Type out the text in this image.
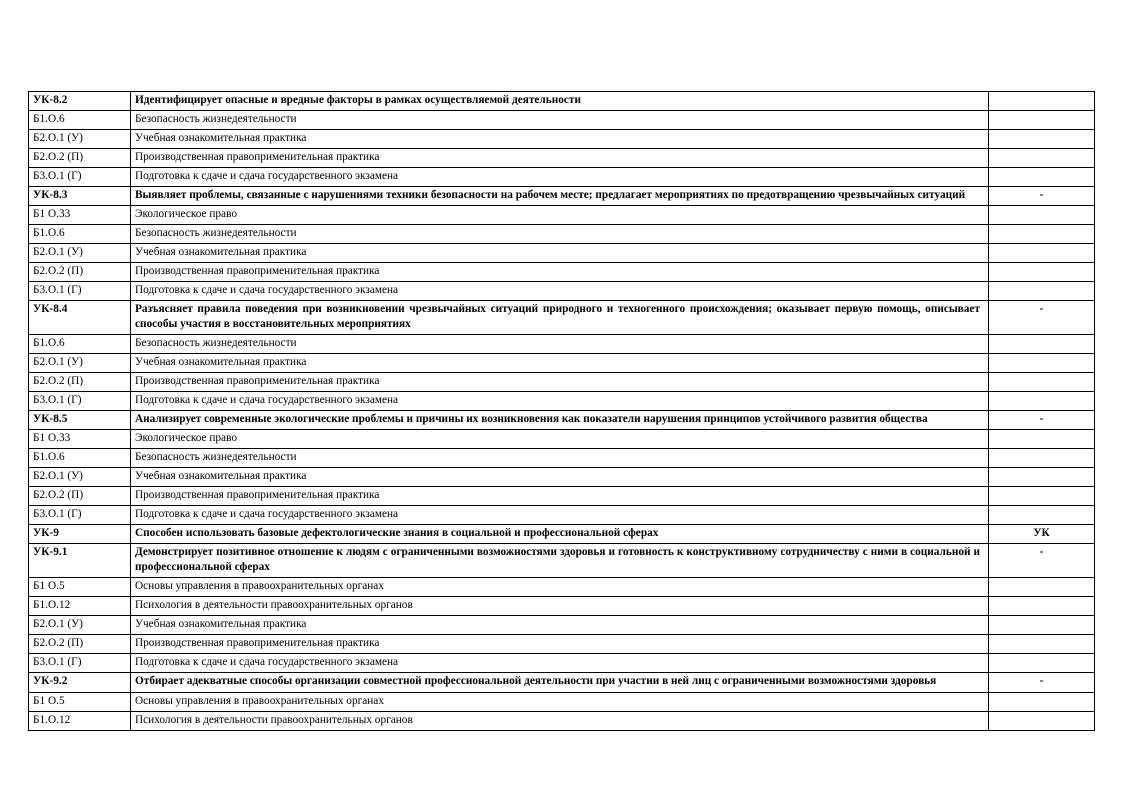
УК-8.2	Идентифицирует опасные и вредные факторы в рамках осуществляемой деятельности	
Б1.О.6	Безопасность жизнедеятельности	
Б2.О.1 (У)	Учебная ознакомительная практика	
Б2.О.2 (П)	Производственная правоприменительная практика	
Б3.О.1 (Г)	Подготовка к сдаче и сдача государственного экзамена	
УК-8.3	Выявляет проблемы, связанные с нарушениями техники безопасности на рабочем месте; предлагает мероприятиях по предотвращению чрезвычайных ситуаций	-
Б1 О.33	Экологическое право	
Б1.О.6	Безопасность жизнедеятельности	
Б2.О.1 (У)	Учебная ознакомительная практика	
Б2.О.2 (П)	Производственная правоприменительная практика	
Б3.О.1 (Г)	Подготовка к сдаче и сдача государственного экзамена	
УК-8.4	Разъясняет правила поведения при возникновении чрезвычайных ситуаций природного и техногенного происхождения; оказывает первую помощь, описывает способы участия в восстановительных мероприятиях	-
Б1.О.6	Безопасность жизнедеятельности	
Б2.О.1 (У)	Учебная ознакомительная практика	
Б2.О.2 (П)	Производственная правоприменительная практика	
Б3.О.1 (Г)	Подготовка к сдаче и сдача государственного экзамена	
УК-8.5	Анализирует современные экологические проблемы и причины их возникновения как показатели нарушения принципов устойчивого развития общества	-
Б1 О.33	Экологическое право	
Б1.О.6	Безопасность жизнедеятельности	
Б2.О.1 (У)	Учебная ознакомительная практика	
Б2.О.2 (П)	Производственная правоприменительная практика	
Б3.О.1 (Г)	Подготовка к сдаче и сдача государственного экзамена	
УК-9	Способен использовать базовые дефектологические знания в социальной и профессиональной сферах	УК
УК-9.1	Демонстрирует позитивное отношение к людям с ограниченными возможностями здоровья и готовность к конструктивному сотрудничеству с ними в социальной и профессиональной сферах	-
Б1 О.5	Основы управления в правоохранительных органах	
Б1.О.12	Психология в деятельности правоохранительных органов	
Б2.О.1 (У)	Учебная ознакомительная практика	
Б2.О.2 (П)	Производственная правоприменительная практика	
Б3.О.1 (Г)	Подготовка к сдаче и сдача государственного экзамена	
УК-9.2	Отбирает адекватные способы организации совместной профессиональной деятельности при участии в ней лиц с ограниченными возможностями здоровья	-
Б1 О.5	Основы управления в правоохранительных органах	
Б1.О.12	Психология в деятельности правоохранительных органов	
